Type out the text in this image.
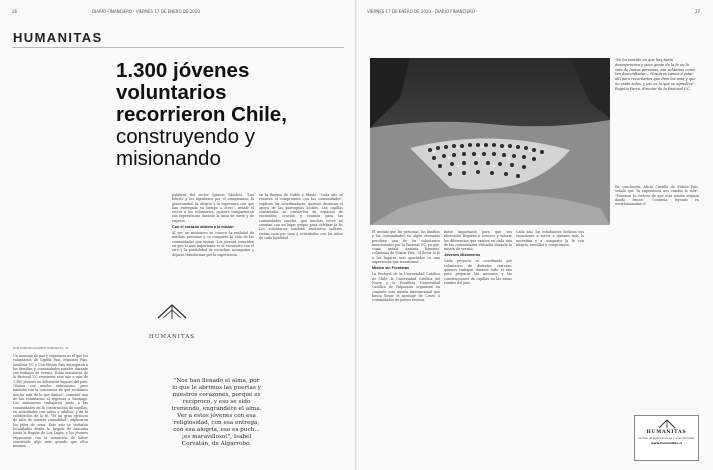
26	DIARIO FINANCIERO · VIERNES 17 DE ENERO DE 2020
HUMANITAS
1.300 jóvenes voluntarios recorrieron Chile, construyendo y misionando
HUMANITAS
POR COMUNICACIONES HUMANITAS, UC
Un mensaje de paz y esperanza es el que los voluntarios de Capilla País, Misiones País, Sembrar UC y Con-Misión País entregaron a las familias y comunidades rurales durante sus trabajos de verano. Estas iniciativas de la Pastoral UC reunieron este año a más de 1.300 jóvenes en diferentes lugares del país. "Vamos con mucho entusiasmo, pero también con la conciencia de que recibimos mucho más de lo que damos", comentó una de las voluntarias al regresar a Santiago. Los misioneros trabajaron junto a las comunidades en la construcción de capillas, en actividades con niños y adultos, y en la celebración de la fe. "Es un gran ejercicio de salir de nuestra comodidad", explicaron los jefes de zona. Este año se visitaron localidades desde la Región de Atacama hasta la Región de Los Lagos, y los jóvenes regresaron con la sensación de haber construido algo más grande que ellos mismos.
en la Región de Ñuble y Maule. "Cada año se renueva el compromiso con las comunidades", explican los coordinadores, quienes destacan el apoyo de las parroquias locales. Las capillas construidas se convierten en espacios de encuentro, oración y reunión para las comunidades rurales, que muchas veces no cuentan con un lugar propio para celebrar la fe. Los voluntarios también realizaron talleres, visitas casa por casa y actividades con los niños de cada localidad.

palabras del rector Ignacio Sánchez. "Les felicito y les agradezco por el compromiso, la generosidad, la alegría y la esperanza con que han entregado su tiempo a otros", señaló el rector a los voluntarios, quienes compartieron sus experiencias durante la misa de envío y de regreso.

Con el corazón abierto a la misión

Al ser un misionero se conoce la realidad de muchas personas y se comparte la vida de las comunidades que visitan. Los jóvenes coinciden en que lo más importante es el encuentro con el otro y la posibilidad de escuchar, acompañar y dejarse transformar por la experiencia.

"Nos han llenado el alma, por lo que le abrimos las puertas y nuestros corazones, porque es recíproco, y eso se sido tremendo, engrandece el alma. Ver a estos jóvenes con esa religiosidad, con esa entrega, con esa alegría, eso es puch... ¡es maravilloso!", Isabel Corvatán, de Algarrobo.
VIERNES 17 DE ENERO DE 2020 · DIARIO FINANCIERO	27
"Se ha sentido en que hay tanta desesperanza y poca gente de la fe en la vida de tantas personas, tan solitarias como tan desconfiadas... Nosotros vamos a estar allí para recordarles que Dios los ama y que no están solos, y eso es lo que se agradece", Rogelio Parra, director de la Pastoral UC.

El sentido que las personas, las familias y las comunidades en algún momento perciben una de los voluntarios mencionados por la Pastoral UC, ya que, como señala Antonia Ramírez, voluntaria de Misión País, "el llevar la fe a los lugares más apartados es una experiencia que transforma".

Misión sin Fronteras

La Pastoral de la Universidad Católica de Chile, la Universidad Católica del Norte y la Pontificia Universidad Católica de Valparaíso organizan en conjunto esta misión internacional que busca llevar el mensaje de Cristo a comunidades de países vecinos.

fuese importante para que sus ahorcados llegaran a conocer y valorar las diferencias que existen en cada una de las comunidades visitadas durante la misión de verano.

Jóvenes Misioneros

Cada proyecto es coordinado por voluntarios de distintas carreras, quienes trabajan durante todo el año para preparar las misiones y las construcciones de capillas en las zonas rurales del país.

Cada año, los estudiantes dedican sus vacaciones a servir a quienes más lo necesitan y a compartir la fe con alegría, sencillez y compromiso.
En conclusión, Alicia Castillo de Misión País, señaló que "la experiencia nos cambia la vida". "Tenemos la certeza de que esta misión seguirá dando frutos". Continúa leyendo en www.humanitas.cl
HUMANITAS
Ventas de publicaciones y suscripciones
www.humanitas.cl
